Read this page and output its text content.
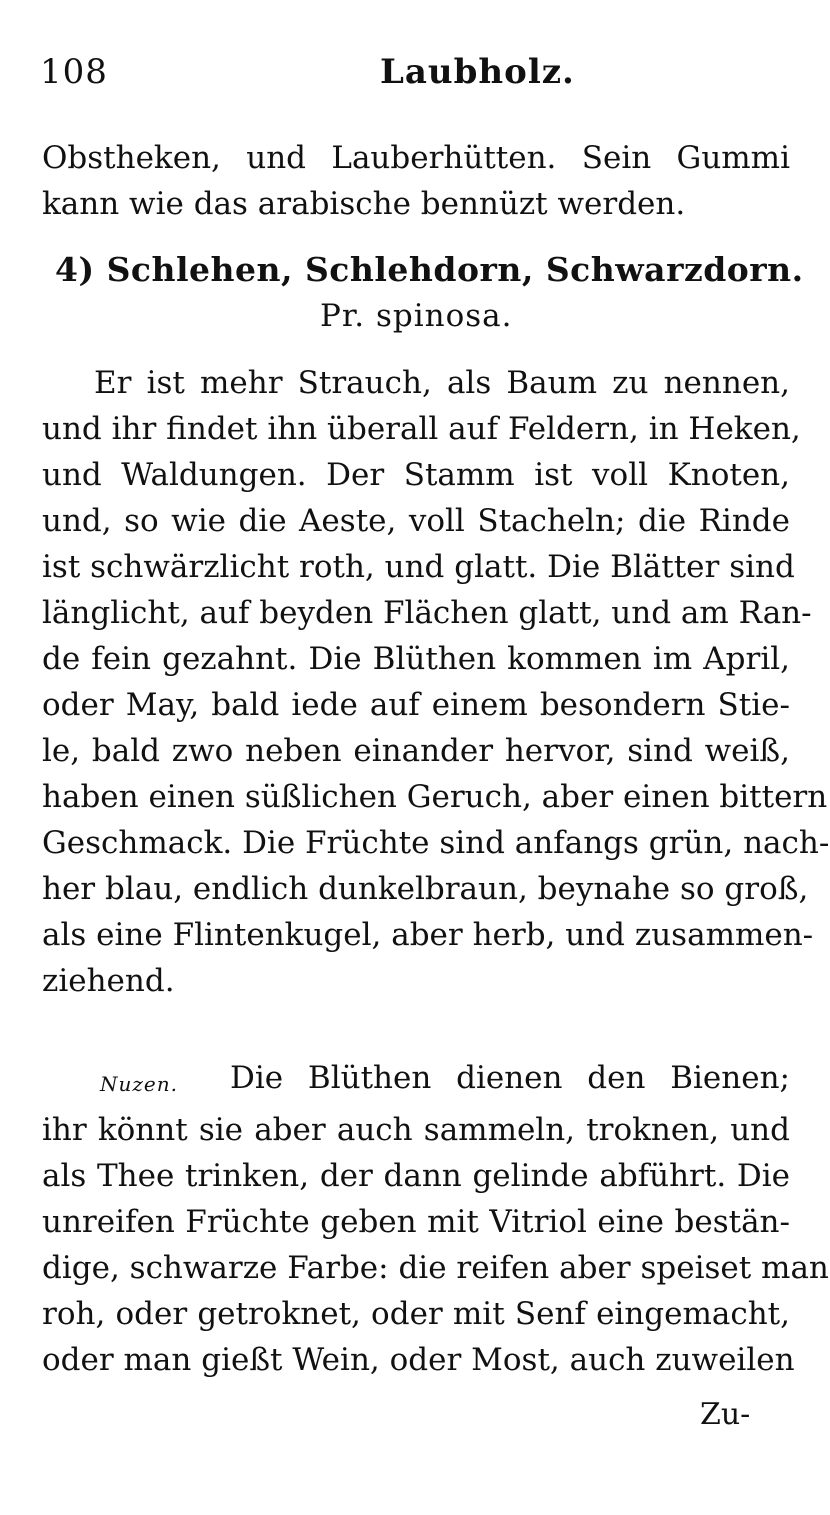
108	Laubholz.
Obstheken, und Lauberhütten. Sein Gummi
kann wie das arabische bennüzt werden.
4) Schlehen, Schlehdorn, Schwarzdorn.
Pr. spinosa.
Er ist mehr Strauch, als Baum zu nennen,
und ihr findet ihn überall auf Feldern, in Heken,
und Waldungen. Der Stamm ist voll Knoten,
und, so wie die Aeste, voll Stacheln; die Rinde
ist schwärzlicht roth, und glatt. Die Blätter sind
länglicht, auf beyden Flächen glatt, und am Ran-
de fein gezahnt. Die Blüthen kommen im April,
oder May, bald iede auf einem besondern Stie-
le, bald zwo neben einander hervor, sind weiß,
haben einen süßlichen Geruch, aber einen bittern
Geschmack. Die Früchte sind anfangs grün, nach-
her blau, endlich dunkelbraun, beynahe so groß,
als eine Flintenkugel, aber herb, und zusammen-
ziehend.
Nuzen. Die Blüthen dienen den Bienen;
ihr könnt sie aber auch sammeln, troknen, und
als Thee trinken, der dann gelinde abführt. Die
unreifen Früchte geben mit Vitriol eine bestän-
dige, schwarze Farbe: die reifen aber speiset man
roh, oder getroknet, oder mit Senf eingemacht,
oder man gießt Wein, oder Most, auch zuweilen
Zu-
